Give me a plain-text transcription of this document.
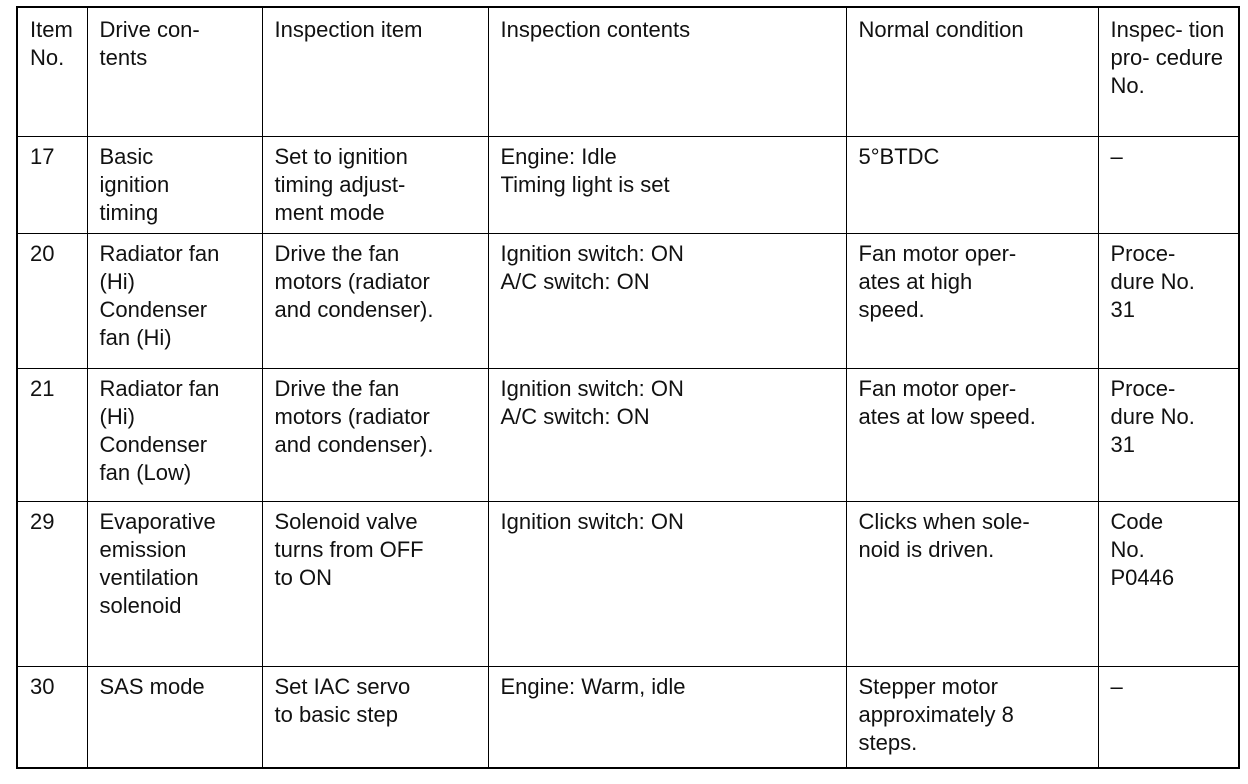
Item No.	Drive con- tents	Inspection item	Inspection contents	Normal condition	Inspec- tion pro- cedure No.

17	Basic
ignition
timing	Set to ignition
timing adjust-
ment mode	Engine: Idle
Timing light is set	5°BTDC	–

20	Radiator fan
(Hi)
Condenser
fan (Hi)	Drive the fan
motors (radiator
and condenser).	Ignition switch: ON
A/C switch: ON	Fan motor oper-
ates at high
speed.	Proce-
dure No.
31

21	Radiator fan
(Hi)
Condenser
fan (Low)	Drive the fan
motors (radiator
and condenser).	Ignition switch: ON
A/C switch: ON	Fan motor oper-
ates at low speed.	Proce-
dure No.
31

29	Evaporative
emission
ventilation
solenoid	Solenoid valve
turns from OFF
to ON	Ignition switch: ON	Clicks when sole-
noid is driven.	Code
No.
P0446

30	SAS mode	Set IAC servo
to basic step	Engine: Warm, idle	Stepper motor
approximately 8
steps.	–
